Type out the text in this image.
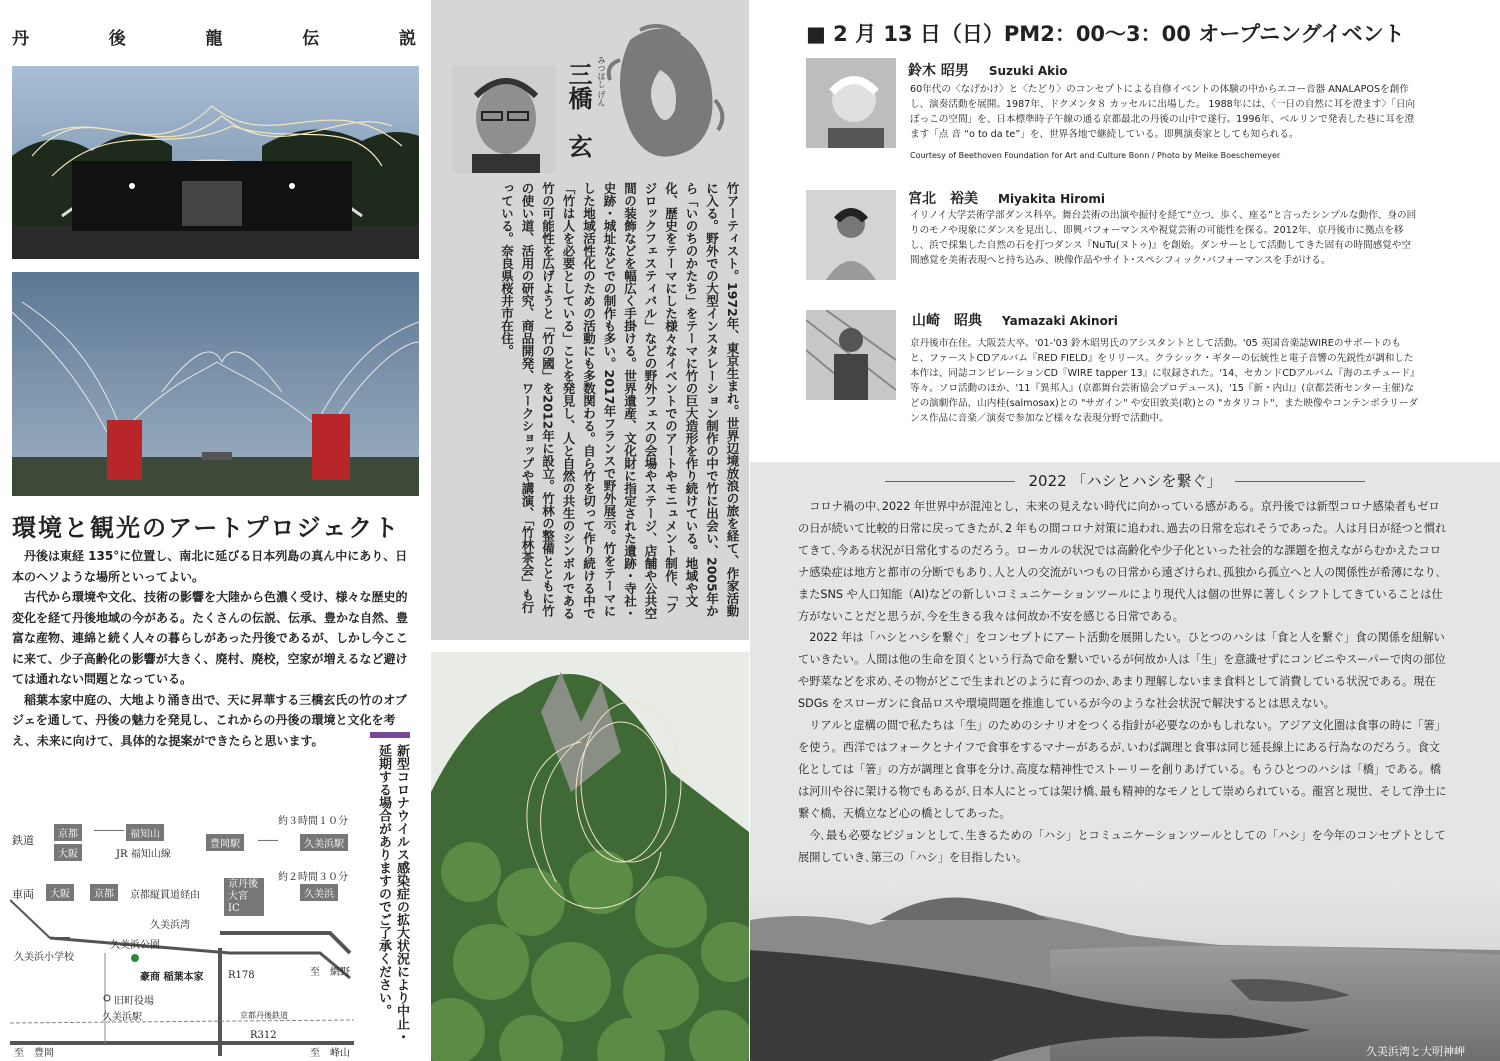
丹	後	龍	伝	説
環境と観光のアートプロジェクト

丹後は東経 135°に位置し、南北に延びる日本列島の真ん中にあり、日本のヘソような場所といってよい。

古代から環境や文化、技術の影響を大陸から色濃く受け、様々な歴史的変化を経て丹後地域の今がある。たくさんの伝説、伝承、豊かな自然、豊富な産物、連綿と続く人々の暮らしがあった丹後であるが、しかし今ここに来て、少子高齢化の影響が大きく、廃村、廃校，空家が増えるなど避けては通れない問題となっている。

稲葉本家中庭の、大地より涌き出で、天に昇華する三橋玄氏の竹のオブジェを通して、丹後の魅力を発見し、これからの丹後の環境と文化を考え、未来に向けて、具体的な提案ができたらと思います。

新型コロナウイルス感染症の拡大状況により中止・延期する場合がありますのでご了承ください。
約３時間１０分
鉄道	京都	――― 福知山
大阪	JR 福知山線
豊岡駅	――	久美浜駅
約２時間３０分
車両	大阪	京都	京都縦貫道経由
京丹後大宮 IC
久美浜
久美浜湾
久美浜公園
久美浜小学校
豪商 稲葉本家 R178	至　網野
旧町役場
久美浜駅	京都丹後鉄道
至　豊岡
R312
至　峰山
三橋　玄 みつはし げん
竹アーティスト。1972年、東京生まれ。世界辺境放浪の旅を経て、作家活動に入る。野外での大型インスタレーション制作の中で竹に出会い、2005年から「いのちのかたち」をテーマに竹の巨大造形を作り続けている。地域や文化、歴史をテーマにした様々なイベントでのアートやモニュメント制作、「フジロックフェスティバル」などの野外フェスの会場やステージ、店舗や公共空間の装飾などを幅広く手掛ける。世界遺産、文化財に指定された遺跡・寺社・史跡・城址などでの制作も多い。2017年フランスで野外展示。竹をテーマにした地域活性化のための活動にも多数関わる。自ら竹を切って作り続ける中で「竹は人を必要としている」ことを発見し、人と自然の共生のシンボルである竹の可能性を広げようと「竹の國」を2012年に設立。竹林の整備とともに竹の使い道、活用の研究、商品開発、ワークショップや講演、「竹林茶会」も行っている。奈良県桜井市在住。
■ 2 月 13 日（日）PM2：00〜3：00 オープニングイベント
鈴木 昭男 Suzuki Akio
60年代の〈なげかけ〉と〈たどり〉のコンセプトによる自修イベントの体験の中からエコー音器 ANALAPOSを創作し、演奏活動を展開。1987年、ドクメンタ８ カッセルに出場した。 1988年には、〈一日の自然に耳を澄ます〉「日向ぼっこの空間」を、日本標準時子午線の通る京都最北の丹後の山中で遂行。1996年、ベルリンで発表した巷に耳を澄ます「点 音 “o to da te”」を、世界各地で継続している。即興演奏家としても知られる。
Courtesy of Beethoven Foundation for Art and Culture Bonn / Photo by Meike Boeschemeyer
宮北　裕美 Miyakita Hiromi
イリノイ大学芸術学部ダンス科卒。舞台芸術の出演や振付を経て“立つ、歩く、座る”と言ったシンプルな動作、身の回りのモノや現象にダンスを見出し、即興パフォーマンスや視覚芸術の可能性を探る。2012年、京丹後市に拠点を移し、浜で採集した自然の石を打つダンス『NuTu(ヌトゥ)』を創始。ダンサーとして活動してきた固有の時間感覚や空間感覚を美術表現へと持ち込み、映像作品やサイト･スペシフィック･パフォーマンスを手がける。
山崎　昭典 Yamazaki Akinori
京丹後市在住。大阪芸大卒。'01-'03 鈴木昭男氏のアシスタントとして活動。'05 英国音楽誌WIREのサポートのもと、ファーストCDアルバム『RED FIELD』をリリース。クラシック・ギターの伝統性と電子音響の先鋭性が調和した本作は、同誌コンピレーションCD『WIRE tapper 13』に収録された。'14、セカンドCDアルバム『海のエチュード』等々。ソロ活動のほか、'11『異邦人』(京都舞台芸術協会プロデュース)、'15『新・内山』(京都芸術センター主催)などの演劇作品、山内桂(salmosax)との "サガイン" や安田敦美(歌)との "カタリコト"、また映像やコンテンポラリーダンス作品に音楽／演奏で参加など様々な表現分野で活動中。
2022 「ハシとハシを繋ぐ」

コロナ禍の中､2022 年世界中が混沌とし，未来の見えない時代に向かっている感がある。京丹後では新型コロナ感染者もゼロの日が続いて比較的日常に戻ってきたが､2 年もの間コロナ対策に追われ､過去の日常を忘れそうであった。人は月日が経つと慣れてきて､今ある状況が日常化するのだろう。ローカルの状況では高齢化や少子化といった社会的な課題を抱えながらむかえたコロナ感染症は地方と都市の分断でもあり､人と人の交流がいつもの日常から遠ざけられ､孤独から孤立へと人の関係性が希薄になり､またSNS や人口知能（AI)などの新しいコミュニケーションツールにより現代人は個の世界に著しくシフトしてきていることは仕方がないことだと思うが､今を生きる我々は何故か不安を感じる日常である。

2022 年は「ハシとハシを繋ぐ」をコンセプトにアート活動を展開したい。ひとつのハシは「食と人を繋ぐ」食の関係を紐解いていきたい。人間は他の生命を頂くという行為で命を繋いでいるが何故か人は「生」を意識せずにコンビニやスーパーで肉の部位や野菜などを求め､その物がどこで生まれどのように育つのか､あまり理解しないまま食料として消費している状況である。現在SDGs をスローガンに食品ロスや環境問題を推進しているが今のような社会状況で解決するとは思えない。

リアルと虚構の間で私たちは「生」のためのシナリオをつくる指針が必要なのかもしれない。アジア文化圏は食事の時に「箸」を使う。西洋ではフォークとナイフで食事をするマナーがあるが､いわば調理と食事は同じ延長線上にある行為なのだろう。食文化としては「箸」の方が調理と食事を分け､高度な精神性でストーリーを創りあげている。もうひとつのハシは「橋」である。橋は河川や谷に架ける物でもあるが､日本人にとっては架け橋､最も精神的なモノとして崇められている。龍宮と現世、そして浄土に繋ぐ橋、天橋立など心の橋としてあった。

今､最も必要なビジョンとして､生きるための「ハシ」とコミュニケーションツールとしての「ハシ」を今年のコンセプトとして展開していき､第三の「ハシ」を目指したい。

久美浜湾と大明神岬
